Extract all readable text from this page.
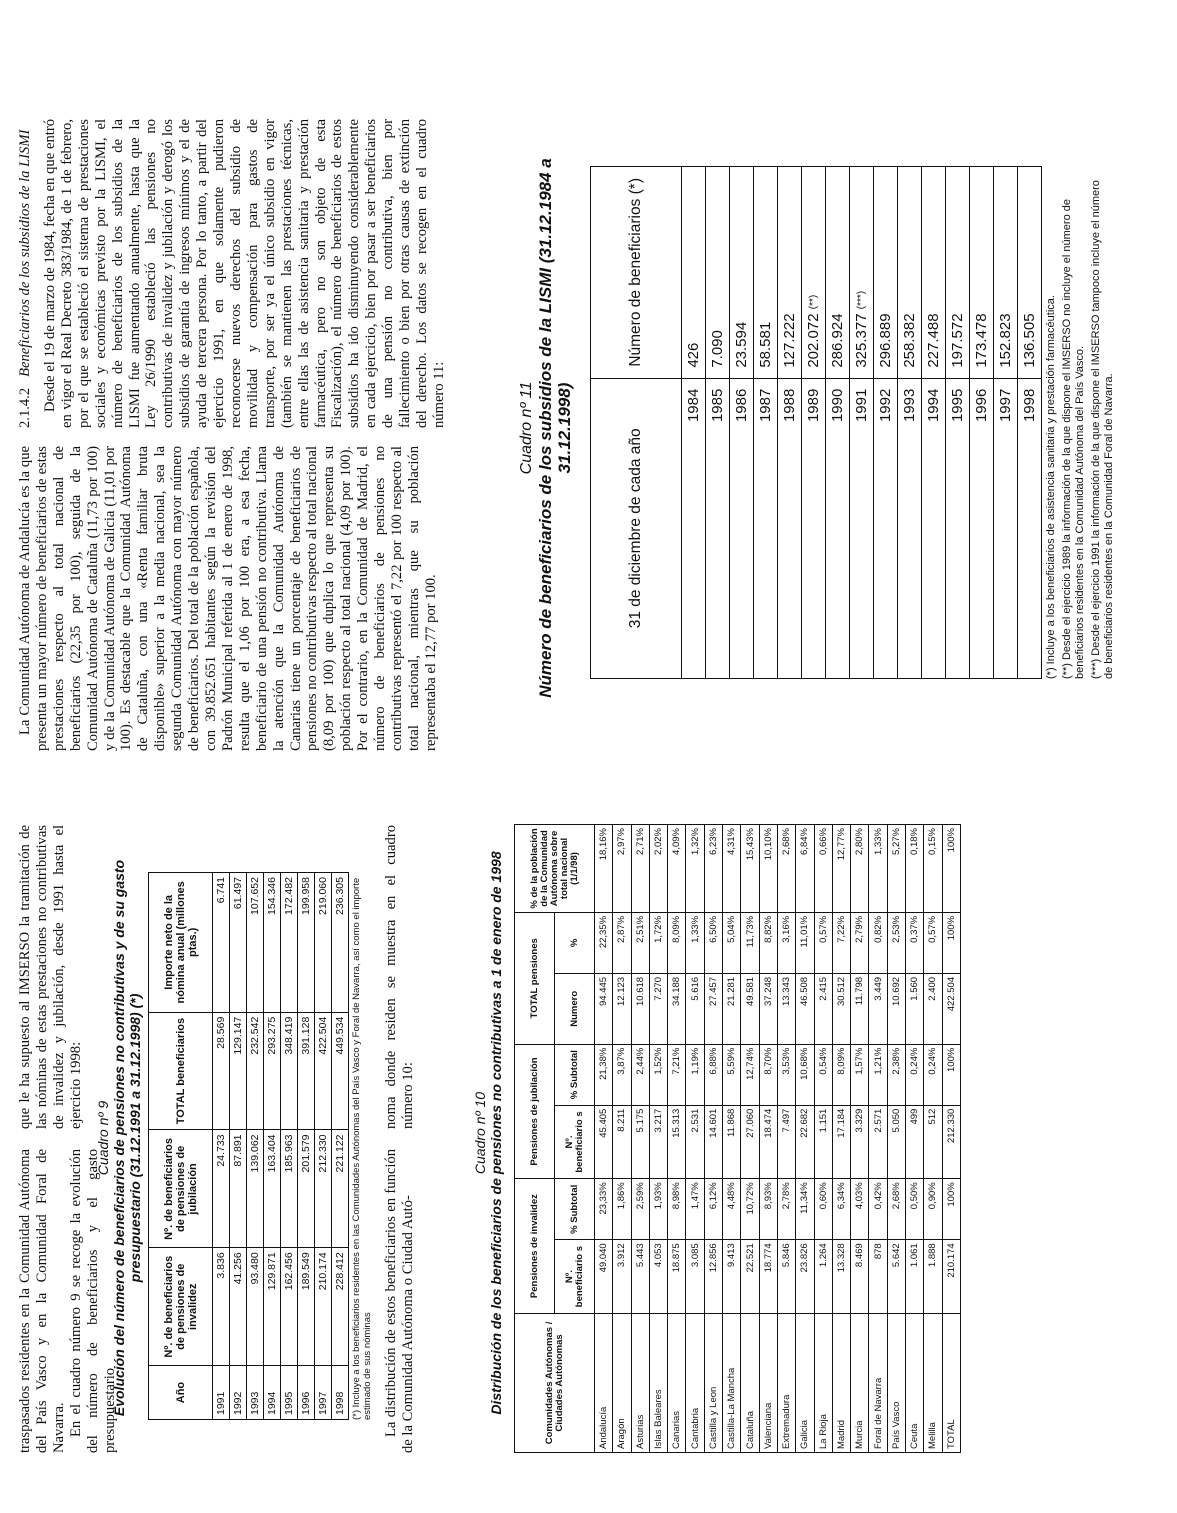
traspasados residentes en la Comunidad Autónoma del País Vasco y en la Comunidad Foral de Navarra. En el cuadro número 9 se recoge la evolución del número de beneficiarios y el gasto presupuestario

que le ha supuesto al IMSERSO la tramitación de las nóminas de estas prestaciones no contributivas de invalidez y jubilación, desde 1991 hasta el ejercicio 1998:

Cuadro nº 9 Evolución del número de beneficiarios de pensiones no contributivas y de su gasto presupuestario (31.12.1991 a 31.12.1998) (*)

Año	Nº. de beneficiarios de pensiones de invalidez	Nº. de beneficiarios de pensiones de jubilación	TOTAL beneficiarios	Importe neto de la nómina anual (millones ptas.)
1991	3.836	24.733	28.569	6.741
1992	41.256	87.891	129.147	61.497
1993	93.480	139.062	232.542	107.652
1994	129.871	163.404	293.275	154.346
1995	162.456	185.963	348.419	172.482
1996	189.549	201.579	391.128	199.958
1997	210.174	212.330	422.504	219.060
1998	228.412	221.122	449.534	236.305 (*) Incluye a los beneficiarios residentes en las Comunidades Autónomas del País Vasco y Foral de Navarra, así como el importe estimado de sus nóminas La distribución de estos beneficiarios en función de la Comunidad Autónoma o Ciudad Autó-

noma donde residen se muestra en el cuadro número 10:	Cuadro nº 10 Distribución de los beneficiarios de pensiones no contributivas a 1 de enero de 1998	Comunidades Autónomas / Ciudades Autónomas	Pensiones de invalidez		Pensiones de jubilación		TOTAL pensiones		% de la población de la Comunidad Autónoma sobre total nacional (1/1/98)
	Nº. beneficiario s	% Subtotal	Nº. beneficiario s	% Subtotal	Numero	%	
Andalucía	49.040	23,33%	45.405	21,38%	94.445	22,35%	18,16%
Aragón	3.912	1,86%	8.211	3,87%	12.123	2,87%	2,97%
Asturias	5.443	2,59%	5.175	2,44%	10.618	2,51%	2,71%
Islas Baleares	4.053	1,93%	3.217	1,52%	7.270	1,72%	2,02%
Canarias	18.875	8,98%	15.313	7,21%	34.188	8,09%	4,09%
Cantabria	3.085	1,47%	2.531	1,19%	5.616	1,33%	1,32%
Castilla y Leon	12.856	6,12%	14.601	6,88%	27.457	6,50%	6,23%
Castilla-La Mancha	9.413	4,48%	11.868	5,59%	21.281	5,04%	4,31%
Cataluña	22.521	10,72%	27.060	12,74%	49.581	11,73%	15,43%
Valenciana	18.774	8,93%	18.474	8,70%	37.248	8,82%	10,10%
Extremadura	5.846	2,78%	7.497	3,53%	13.343	3,16%	2,68%
Galicia	23.826	11,34%	22.682	10,68%	46.508	11,01%	6,84%
La Rioja	1.264	0,60%	1.151	0,54%	2.415	0,57%	0,66%
Madrid	13.328	6,34%	17.184	8,09%	30.512	7,22%	12,77%
Murcia	8.469	4,03%	3.329	1,57%	11.798	2,79%	2,80%
Foral de Navarra	878	0,42%	2.571	1,21%	3.449	0,82%	1,33%
País Vasco	5.642	2,68%	5.050	2,38%	10.692	2,53%	5,27%
Ceuta	1.061	0,50%	499	0,24%	1.560	0,37%	0,18%
Melilla	1.888	0,90%	512	0,24%	2.400	0,57%	0,15%
TOTAL	210.174	100%	212.330	100%	422.504	100%	100%

La Comunidad Autónoma de Andalucía es la que presenta un mayor número de beneficiarios de estas prestaciones respecto al total nacional de beneficiarios (22,35 por 100), seguida de la Comunidad Autónoma de Cataluña (11,73 por 100) y de la Comunidad Autónoma de Galicia (11,01 por 100). Es destacable que la Comunidad Autónoma de Cataluña, con una «Renta familiar bruta disponible» superior a la media nacional, sea la segunda Comunidad Autónoma con mayor número de beneficiarios. Del total de la población española, con 39.852.651 habitantes según la revisión del Padrón Municipal referida al 1 de enero de 1998, resulta que el 1,06 por 100 era, a esa fecha, beneficiario de una pensión no contributiva. Llama la atención que la Comunidad Autónoma de Canarias tiene un porcentaje de beneficiarios de pensiones no contributivas respecto al total nacional (8,09 por 100) que duplica lo que representa su población respecto al total nacional (4,09 por 100). Por el contrario, en la Comunidad de Madrid, el número de beneficiarios de pensiones no contributivas representó el 7,22 por 100 respecto al total nacional, mientras que su población representaba el 12,77 por 100.

2.1.4.2   Beneficiarios de los subsidios de la LISMI Desde el 19 de marzo de 1984, fecha en que entró en vigor el Real Decreto 383/1984, de 1 de febrero, por el que se estableció el sistema de prestaciones sociales y económicas previsto por la LISMI, el número de beneficiarios de los subsidios de la LISMI fue aumentando anualmente, hasta que la Ley 26/1990 estableció las pensiones no contributivas de invalidez y jubilación y derogó los subsidios de garantía de ingresos mínimos y el de ayuda de tercera persona. Por lo tanto, a partir del ejercicio 1991, en que solamente pudieron reconocerse nuevos derechos del subsidio de movilidad y compensación para gastos de transporte, por ser ya el único subsidio en vigor (también se mantienen las prestaciones técnicas, entre ellas las de asistencia sanitaria y prestación farmacéutica, pero no son objeto de esta Fiscalización), el número de beneficiarios de estos subsidios ha ido disminuyendo considerablemente en cada ejercicio, bien por pasar a ser beneficiarios de una pensión no contributiva, bien por fallecimiento o bien por otras causas de extinción del derecho. Los datos se recogen en el cuadro número 11:	Cuadro nº 11 Número de beneficiarios de los subsidios de la LISMI (31.12.1984 a 31.12.1998)

31 de diciembre de cada año	Número de beneficiarios (*)
1984	426
1985	7.090
1986	23.594
1987	58.581
1988	127.222
1989	202.072 (**)
1990	286.924
1991	325.377 (***)
1992	296.889
1993	258.382
1994	227.488
1995	197.572
1996	173.478
1997	152.823
1998	136.505 (*) Incluye a los beneficiarios de asistencia sanitaria y prestación farmacéutica. (**) Desde el ejercicio 1989 la información de la que dispone el IMSERSO no incluye el número de beneficiarios residentes en la Comunidad Autónoma del País Vasco. (***) Desde el ejercicio 1991 la información de la que dispone el IMSERSO tampoco incluye el número de beneficiarios residentes en la Comunidad Foral de Navarra.
